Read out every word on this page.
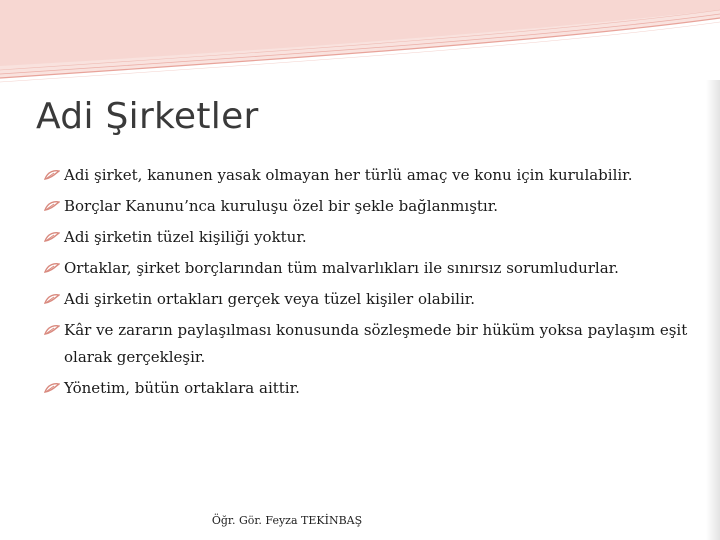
Adi Şirketler
Adi şirket, kanunen yasak olmayan her türlü amaç ve konu için kurulabilir.
Borçlar Kanunu’nca kuruluşu özel bir şekle bağlanmıştır.
Adi şirketin tüzel kişiliği yoktur.
Ortaklar, şirket borçlarından tüm malvarlıkları ile sınırsız sorumludurlar.
Adi şirketin ortakları gerçek veya tüzel kişiler olabilir.
Kâr ve zararın paylaşılması konusunda sözleşmede bir hüküm yoksa paylaşım eşit olarak gerçekleşir.
Yönetim, bütün ortaklara aittir.
Öğr. Gör. Feyza TEKİNBAŞ
